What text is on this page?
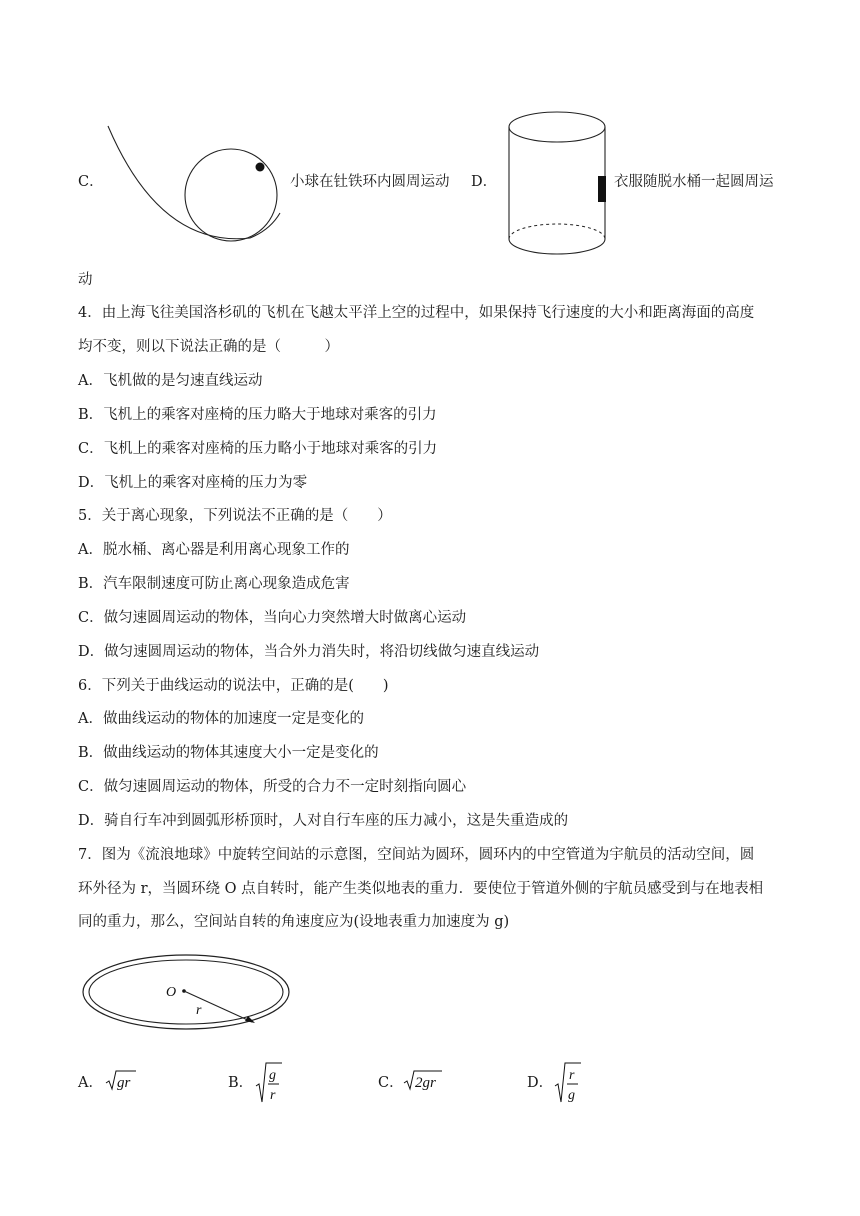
C．	小球在钍铁环内圆周运动 D．	衣服随脱水桶一起圆周运
动
4．由上海飞往美国洛杉矶的飞机在飞越太平洋上空的过程中，如果保持飞行速度的大小和距离海面的高度
均不变，则以下说法正确的是（　　　）
A．飞机做的是匀速直线运动
B．飞机上的乘客对座椅的压力略大于地球对乘客的引力
C．飞机上的乘客对座椅的压力略小于地球对乘客的引力
D．飞机上的乘客对座椅的压力为零
5．关于离心现象，下列说法不正确的是（　　）
A．脱水桶、离心器是利用离心现象工作的
B．汽车限制速度可防止离心现象造成危害
C．做匀速圆周运动的物体，当向心力突然增大时做离心运动
D．做匀速圆周运动的物体，当合外力消失时，将沿切线做匀速直线运动
6．下列关于曲线运动的说法中，正确的是(　　)
A．做曲线运动的物体的加速度一定是变化的
B．做曲线运动的物体其速度大小一定是变化的
C．做匀速圆周运动的物体，所受的合力不一定时刻指向圆心
D．骑自行车冲到圆弧形桥顶时，人对自行车座的压力减小，这是失重造成的
7．图为《流浪地球》中旋转空间站的示意图，空间站为圆环，圆环内的中空管道为宇航员的活动空间，圆
环外径为 r，当圆环绕 O 点自转时，能产生类似地表的重力．要使位于管道外侧的宇航员感受到与在地表相
同的重力，那么，空间站自转的角速度应为(设地表重力加速度为 g)
O
r
A． gr	B． g
r
C． 2gr	D． r
g
